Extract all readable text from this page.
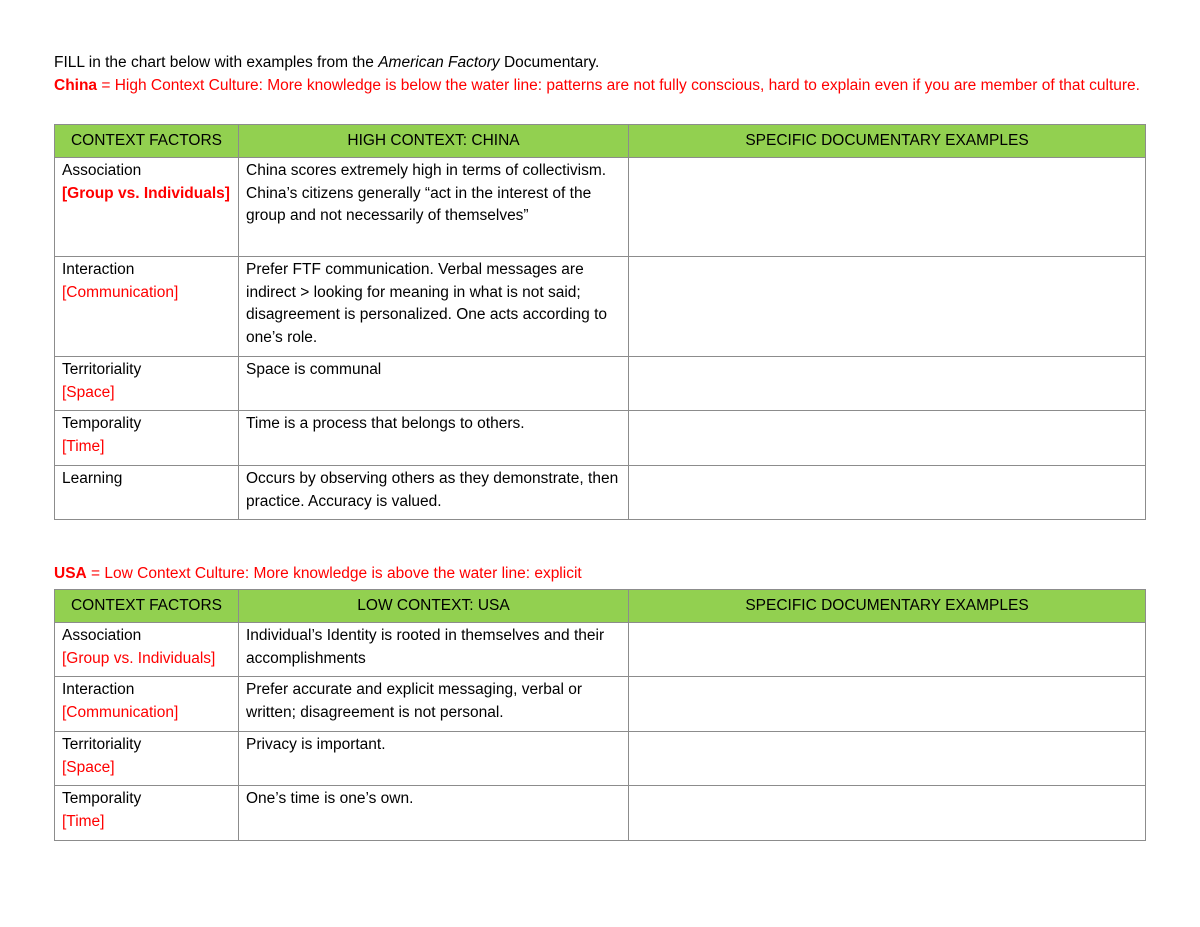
FILL in the chart below with examples from the American Factory Documentary.

China = High Context Culture: More knowledge is below the water line: patterns are not fully conscious, hard to explain even if you are member of that culture.

CONTEXT FACTORS	HIGH CONTEXT: CHINA	SPECIFIC DOCUMENTARY EXAMPLES
Association
[Group vs. Individuals]	China scores extremely high in terms of collectivism. China’s citizens generally “act in the interest of the group and not necessarily of themselves”	
Interaction
[Communication]	Prefer FTF communication. Verbal messages are indirect > looking for meaning in what is not said; disagreement is personalized. One acts according to one’s role.	
Territoriality
[Space]	Space is communal	
Temporality
[Time]	Time is a process that belongs to others.	
Learning	Occurs by observing others as they demonstrate, then practice. Accuracy is valued.	
USA = Low Context Culture: More knowledge is above the water line: explicit
CONTEXT FACTORS	LOW CONTEXT: USA	SPECIFIC DOCUMENTARY EXAMPLES
Association
[Group vs. Individuals]	Individual’s Identity is rooted in themselves and their accomplishments	
Interaction
[Communication]	Prefer accurate and explicit messaging, verbal or written; disagreement is not personal.	
Territoriality
[Space]	Privacy is important.	
Temporality
[Time]	One’s time is one’s own.	
